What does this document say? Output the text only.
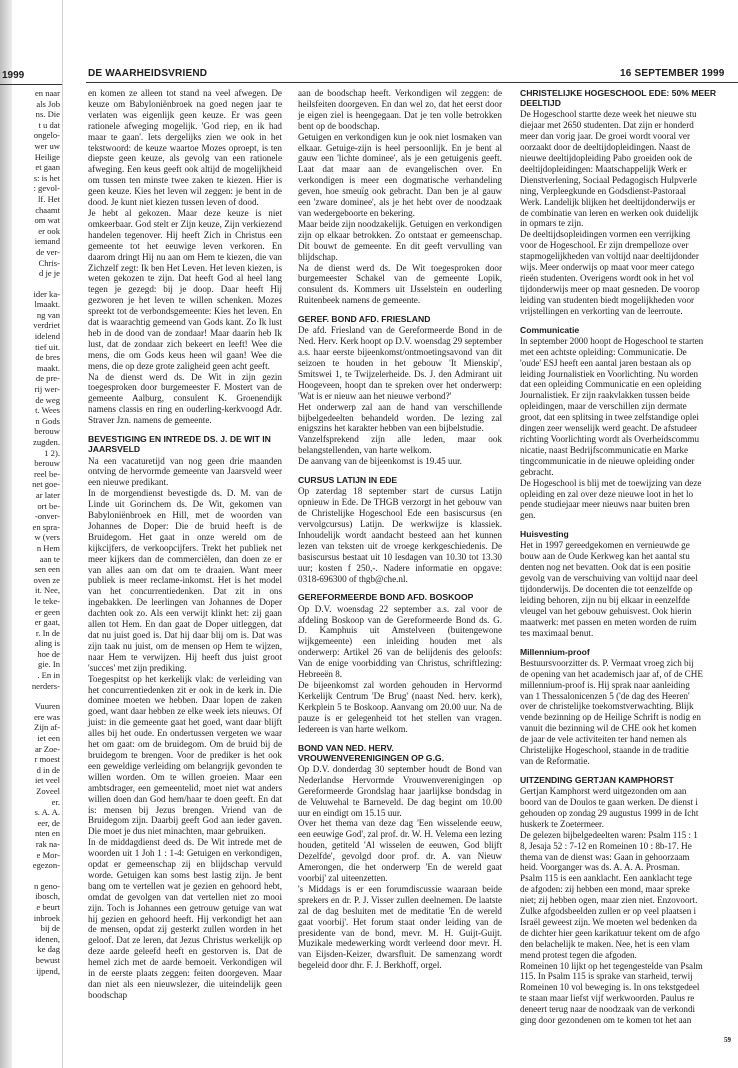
1999
en naar
als Job
ns. Die
t u dat
ongelo-
wer uw
Heilige
et gaan
s: is het
: gevol-
lf. Het
chaamt
om wat
er ook
iemand
de ver-
Chris-
d je je
ider ka-
lmaakt.
ng van
verdriet
idelend
tief uit.
de bres
maakt.
de pre-
rij wer-
de weg
t. Wees
n Gods
berouw
zugden.
1 2).
berouw
reel be-
net goe-
ar later
ort be-
-onver-
en spra-
w (vers
n Hem
aan te
sen een
oven ze
it. Nee,
le teke-
er geen
er gaat,
r. In de
aling is
hoe de
gie. In
. En in
nerders-
Vuuren
ere was
Zijn af-
iet een
ar Zoe-
r moest
d in de
iet veel
Zoveel
er.
s. A. A.
eer, de
nten en
rak na-
e Mor-
egezon-
n geno-
ibosch,
e beurt
inbroek
bij de
idenen,
ke dag
bewust
ijpend,
DE WAARHEIDSVRIEND	16 SEPTEMBER 1999

en komen ze alleen tot stand na veel afwegen. De keuze om Babyloniënbroek na goed negen jaar te verlaten was eigenlijk geen keuze. Er was geen rationele afweging mogelijk. 'God riep, en ik had maar te gaan'. Iets dergelijks zien we ook in het tekstwoord: de keuze waartoe Mozes oproept, is ten diepste geen keuze, als gevolg van een rationele afweging. Een keus geeft ook altijd de mogelijkheid om tussen ten minste twee zaken te kiezen. Hier is geen keuze. Kies het leven wil zeggen: je bent in de dood. Je kunt niet kiezen tussen leven of dood.

Je hebt al gekozen. Maar deze keuze is niet omkeerbaar. God stelt er Zijn keuze, Zijn verkiezend handelen tegenover. Hij heeft Zich in Christus een gemeente tot het eeuwige leven verkoren. En daarom dringt Hij nu aan om Hem te kiezen, die van Zichzelf zegt: Ik ben Het Leven. Het leven kiezen, is weten gekozen te zijn. Dat heeft God al heel lang tegen je gezegd: bij je doop. Daar heeft Hij gezworen je het leven te willen schenken. Mozes spreekt tot de verbondsgemeente: Kies het leven. En dat is waarachtig gemeend van Gods kant. Zo Ik lust heb in de dood van de zondaar! Maar daarin heb Ik lust, dat de zondaar zich bekeert en leeft! Wee die mens, die om Gods keus heen wil gaan! Wee die mens, die op deze grote zaligheid geen acht geeft.

Na de dienst werd ds. De Wit in zijn gezin toegesproken door burgemeester F. Mostert van de gemeente Aalburg, consulent K. Groenendijk namens classis en ring en ouderling-kerkvoogd Adr. Straver Jzn. namens de gemeente.

BEVESTIGING EN INTREDE DS. J. DE WIT IN JAARSVELD

Na een vacaturetijd van nog geen drie maanden ontving de hervormde gemeente van Jaarsveld weer een nieuwe predikant.

In de morgendienst bevestigde ds. D. M. van de Linde uit Gorinchem ds. De Wit, gekomen van Babyloniënbroek en Hill, met de woorden van Johannes de Doper: Die de bruid heeft is de Bruidegom. Het gaat in onze wereld om de kijkcijfers, de verkoopcijfers. Trekt het publiek net meer kijkers dan de commerciëlen, dan doen ze er van alles aan om dat om te draaien. Want meer publiek is meer reclame-inkomst. Het is het model van het concurrentiedenken. Dat zit in ons ingebakken. De leerlingen van Johannes de Doper dachten ook zo. Als een verwijt klinkt het: zij gaan allen tot Hem. En dan gaat de Doper uitleggen, dat dat nu juist goed is. Dat hij daar blij om is. Dat was zijn taak nu juist, om de mensen op Hem te wijzen, naar Hem te verwijzen. Hij heeft dus juist groot 'succes' met zijn prediking.

Toegespitst op het kerkelijk vlak: de verleiding van het concurrentiedenken zit er ook in de kerk in. Die dominee moeten we hebben. Daar lopen de zaken goed, want daar hebben ze elke week iets nieuws. Of juist: in die gemeente gaat het goed, want daar blijft alles bij het oude. En ondertussen vergeten we waar het om gaat: om de bruidegom. Om de bruid bij de bruidegom te brengen. Voor de prediker is het ook een geweldige verleiding om belangrijk gevonden te willen worden. Om te willen groeien. Maar een ambtsdrager, een gemeentelid, moet niet wat anders willen doen dan God hem/haar te doen geeft. En dat is: mensen bij Jezus brengen. Vriend van de Bruidegom zijn. Daarbij geeft God aan ieder gaven. Die moet je dus niet minachten, maar gebruiken.

In de middagdienst deed ds. De Wit intrede met de woorden uit 1 Joh 1 : 1-4: Getuigen en verkondigen, opdat er gemeenschap zij en blijdschap vervuld worde. Getuigen kan soms best lastig zijn. Je bent bang om te vertellen wat je gezien en gehoord hebt, omdat de gevolgen van dat vertellen niet zo mooi zijn. Toch is Johannes een getrouw getuige van wat hij gezien en gehoord heeft. Hij verkondigt het aan de mensen, opdat zij gesterkt zullen worden in het geloof. Dat ze leren, dat Jezus Christus werkelijk op deze aarde geleefd heeft en gestorven is. Dat de hemel zich met de aarde bemoeit. Verkondigen wil in de eerste plaats zeggen: feiten doorgeven. Maar dan niet als een nieuwslezer, die uiteindelijk geen boodschap

aan de boodschap heeft. Verkondigen wil zeggen: de heilsfeiten doorgeven. En dan wel zo, dat het eerst door je eigen ziel is heengegaan. Dat je ten volle betrokken bent op de boodschap.

Getuigen en verkondigen kun je ook niet losmaken van elkaar. Getuige-zijn is heel persoonlijk. En je bent al gauw een 'lichte dominee', als je een getuigenis geeft. Laat dat maar aan de evangelischen over. En verkondigen is meer een dogmatische verhandeling geven, hoe smeuïg ook gebracht. Dan ben je al gauw een 'zware dominee', als je het hebt over de noodzaak van wedergeboorte en bekering.

Maar beide zijn noodzakelijk. Getuigen en verkondigen zijn op elkaar betrokken. Zo ontstaat er gemeenschap. Dit bouwt de gemeente. En dit geeft vervulling van blijdschap.

Na de dienst werd ds. De Wit toegesproken door burgemeester Schakel van de gemeente Lopik, consulent ds. Kommers uit IJsselstein en ouderling Ruitenbeek namens de gemeente.

GEREF. BOND AFD. FRIESLAND

De afd. Friesland van de Gereformeerde Bond in de Ned. Herv. Kerk hoopt op D.V. woensdag 29 september a.s. haar eerste bijeenkomst/ontmoetingsavond van dit seizoen te houden in het gebouw 'It Mienskip', Smitswei 1, te Twijzelerheide. Ds. J. den Admirant uit Hoogeveen, hoopt dan te spreken over het onderwerp: 'Wat is er nieuw aan het nieuwe verbond?'

Het onderwerp zal aan de hand van verschillende bijbelgedeelten behandeld worden. De lezing zal enigszins het karakter hebben van een bijbelstudie.

Vanzelfsprekend zijn alle leden, maar ook belangstellenden, van harte welkom.

De aanvang van de bijeenkomst is 19.45 uur.

CURSUS LATIJN IN EDE

Op zaterdag 18 september start de cursus Latijn opnieuw in Ede. De THGB verzorgt in het gebouw van de Christelijke Hogeschool Ede een basiscursus (en vervolgcursus) Latijn. De werkwijze is klassiek. Inhoudelijk wordt aandacht besteed aan het kunnen lezen van teksten uit de vroege kerkgeschiedenis. De basiscursus bestaat uit 10 lesdagen van 10.30 tot 13.30 uur; kosten f 250,-. Nadere informatie en opgave: 0318-696300 of thgb@che.nl.

GEREFORMEERDE BOND AFD. BOSKOOP

Op D.V. woensdag 22 september a.s. zal voor de afdeling Boskoop van de Gereformeerde Bond ds. G. D. Kamphuis uit Amstelveen (buitengewone wijkgemeente) een inleiding houden met als onderwerp: Artikel 26 van de belijdenis des geloofs: Van de enige voorbidding van Christus, schriftlezing: Hebreeën 8.

De bijeenkomst zal worden gehouden in Hervormd Kerkelijk Centrum 'De Brug' (naast Ned. herv. kerk), Kerkplein 5 te Boskoop. Aanvang om 20.00 uur. Na de pauze is er gelegenheid tot het stellen van vragen. Iedereen is van harte welkom.

BOND VAN NED. HERV. VROUWENVERENIGINGEN OP G.G.

Op D.V. donderdag 30 september houdt de Bond van Nederlandse Hervormde Vrouwenverenigingen op Gereformeerde Grondslag haar jaarlijkse bondsdag in de Veluwehal te Barneveld. De dag begint om 10.00 uur en eindigt om 15.15 uur.

Over het thema van deze dag 'Een wisselende eeuw, een eeuwige God', zal prof. dr. W. H. Velema een lezing houden, getiteld 'Al wisselen de eeuwen, God blijft Dezelfde', gevolgd door prof. dr. A. van Nieuw Amerongen, die het onderwerp 'En de wereld gaat voorbij' zal uiteenzetten.

's Middags is er een forumdiscussie waaraan beide sprekers en dr. P. J. Visser zullen deelnemen. De laatste zal de dag besluiten met de meditatie 'En de wereld gaat voorbij'. Het forum staat onder leiding van de presidente van de bond, mevr. M. H. Guijt-Guijt. Muzikale medewerking wordt verleend door mevr. H. van Eijsden-Keizer, dwarsfluit. De samenzang wordt begeleid door dhr. F. J. Berkhoff, orgel.

CHRISTELIJKE HOGESCHOOL EDE: 50% MEER DEELTIJD

De Hogeschool startte deze week het nieuwe stu

diejaar met 2650 studenten. Dat zijn er honderd

meer dan vorig jaar. De groei wordt vooral ver

oorzaakt door de deeltijdopleidingen. Naast de

nieuwe deeltijdopleiding Pabo groeiden ook de

deeltijdopleidingen: Maatschappelijk Werk er

Dienstverlening, Sociaal Pedagogisch Hulpverle

ning, Verpleegkunde en Godsdienst-Pastoraal

Werk. Landelijk blijken het deeltijdonderwijs er

de combinatie van leren en werken ook duidelijk

in opmars te zijn.

De deeltijdsopleidingen vormen een verrijking

voor de Hogeschool. Er zijn drempelloze over

stapmogelijkheden van voltijd naar deeltijdonder

wijs. Meer onderwijs op maat voor meer catego

rieën studenten. Overigens wordt ook in het vol

tijdonderwijs meer op maat gesneden. De voorop

leiding van studenten biedt mogelijkheden voor

vrijstellingen en verkorting van de leerroute.

Communicatie

In september 2000 hoopt de Hogeschool te starten

met een achtste opleiding: Communicatie. De

'oude' ESJ heeft een aantal jaren bestaan als op

leiding Journalistiek en Voorlichting. Nu worden

dat een opleiding Communicatie en een opleiding

Journalistiek. Er zijn raakvlakken tussen beide

opleidingen, maar de verschillen zijn dermate

groot, dat een splitsing in twee zelfstandige oplei

dingen zeer wenselijk werd geacht. De afstudeer

richting Voorlichting wordt als Overheidscommu

nicatie, naast Bedrijfscommunicatie en Marke

tingcommunicatie in de nieuwe opleiding onder

gebracht.

De Hogeschool is blij met de toewijzing van deze

opleiding en zal over deze nieuwe loot in het lo

pende studiejaar meer nieuws naar buiten bren

gen.

Huisvesting

Het in 1997 gereedgekomen en vernieuwde ge

bouw aan de Oude Kerkweg kan het aantal stu

denten nog net bevatten. Ook dat is een positie

gevolg van de verschuiving van voltijd naar deel

tijdonderwijs. De docenten die tot eenzelfde op

leiding behoren, zijn nu bij elkaar in eenzelfde

vleugel van het gebouw gehuisvest. Ook hierin

maatwerk: met passen en meten worden de ruim

tes maximaal benut.

Millennium-proof

Bestuursvoorzitter ds. P. Vermaat vroeg zich bij

de opening van het academisch jaar af, of de CHE

millennium-proof is. Hij sprak naar aanleiding

van 1 Thessalonicenzen 5 ('de dag des Heeren'

over de christelijke toekomstverwachting. Blijk

vende bezinning op de Heilige Schrift is nodig en

vanuit die bezinning wil de CHE ook het komen

de jaar de vele activiteiten ter hand nemen als

Christelijke Hogeschool, staande in de traditie

van de Reformatie.

UITZENDING GERTJAN KAMPHORST

Gertjan Kamphorst werd uitgezonden om aan

boord van de Doulos te gaan werken. De dienst i

gehouden op zondag 29 augustus 1999 in de Icht

huskerk te Zoetermeer.

De gelezen bijbelgedeelten waren: Psalm 115 : 1

8, Jesaja 52 : 7-12 en Romeinen 10 : 8b-17. He

thema van de dienst was: Gaan in gehoorzaam

heid. Voorganger was ds. A. A. A. Prosman.

Psalm 115 is een aanklacht. Een aanklacht tege

de afgoden: zij hebben een mond, maar spreke

niet; zij hebben ogen, maar zien niet. Enzovoort.

Zulke afgodsbeelden zullen er op veel plaatsen i

Israël geweest zijn. We moeten wel bedenken da

de dichter hier geen karikatuur tekent om de afgo

den belachelijk te maken. Nee, het is een vlam

mend protest tegen die afgoden.

Romeinen 10 lijkt op het tegengestelde van Psalm

115. In Psalm 115 is sprake van starheid, terwij

Romeinen 10 vol beweging is. In ons tekstgedeel

te staan maar liefst vijf werkwoorden. Paulus re

deneert terug naar de noodzaak van de verkondi

ging door gezondenen om te komen tot het aan

59
